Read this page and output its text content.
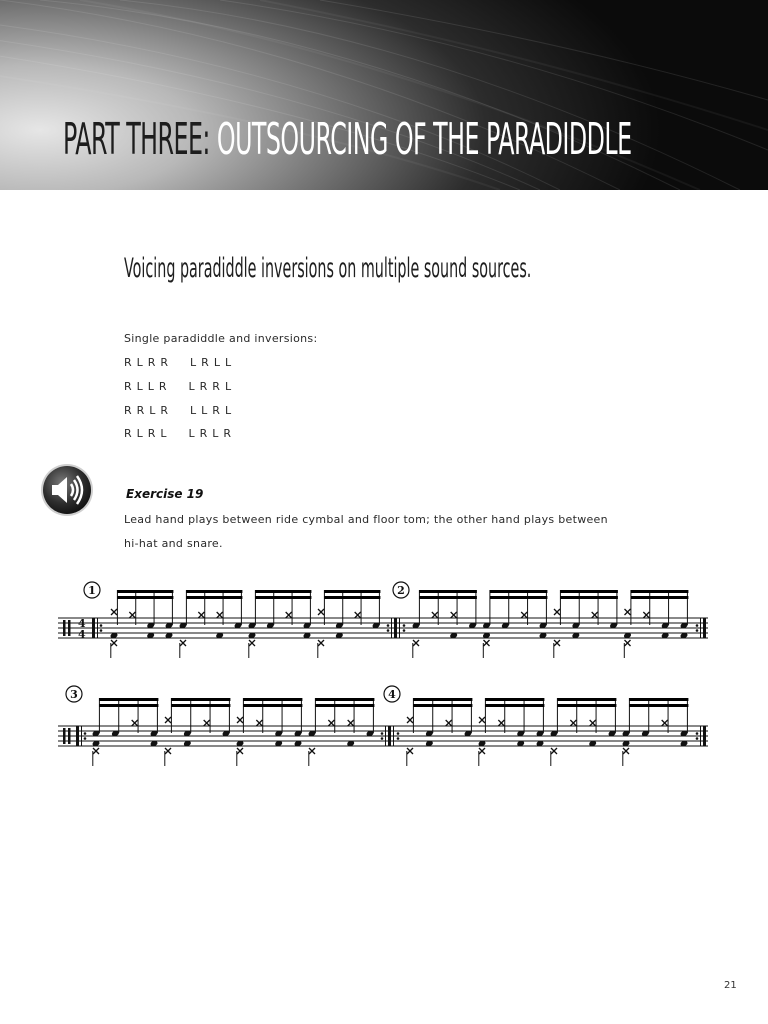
PART THREE: OUTSOURCING OF THE PARADIDDLE
Voicing paradiddle inversions on multiple sound sources.
Single paradiddle and inversions:
RLRR  LRLL
RLLR  LRRL
RRLR  LLRL
RLRL  LRLR
Exercise 19
Lead hand plays between ride cymbal and floor tom; the other hand plays between
hi-hat and snare.
4
4
1	2
3	4
21
